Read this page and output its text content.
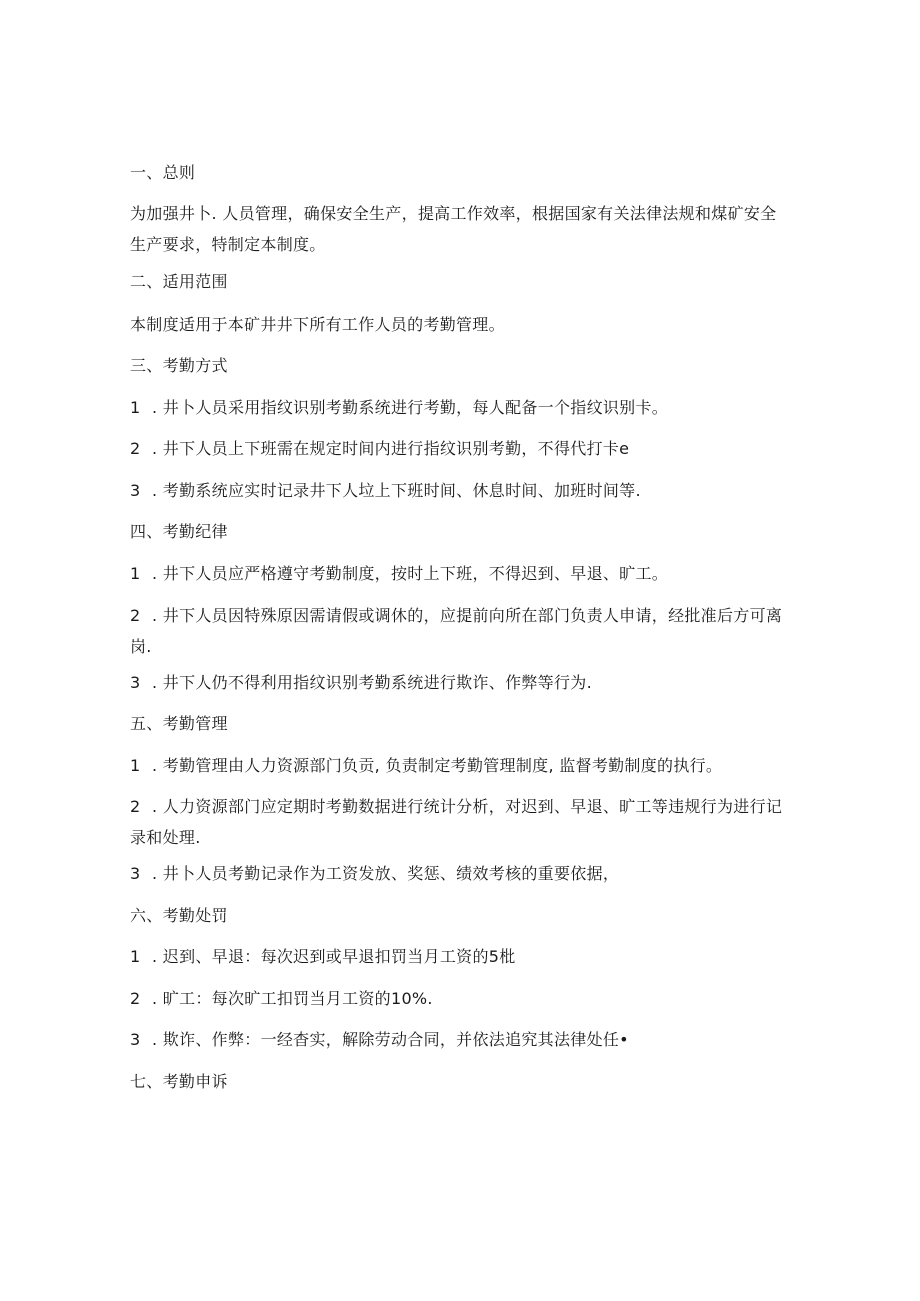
一、总则
为加强井卜. 人员管理，确保安全生产，提高工作效率，根据国家有关法律法规和煤矿安全生产要求，特制定本制度。
二、适用范围
本制度适用于本矿井井下所有工作人员的考勤管理。
三、考勤方式
1 . 井卜人员采用指纹识别考勤系统进行考勤，每人配备一个指纹识别卡。
2 . 井下人员上下班需在规定时间内进行指纹识别考勤，不得代打卡e
3 . 考勤系统应实时记录井下人垃上下班时间、休息时间、加班时间等.
四、考勤纪律
1 . 井下人员应严格遵守考勤制度，按时上下班，不得迟到、早退、旷工。
2 . 井下人员因特殊原因需请假或调休的，应提前向所在部门负责人申请，经批准后方可离岗.
3 . 井下人仍不得利用指纹识别考勤系统进行欺诈、作弊等行为.
五、考勤管理
1 . 考勤管理由人力资源部门负贡, 负责制定考勤管理制度, 监督考勤制度的执行。
2 . 人力资源部门应定期时考勤数据进行统计分析，对迟到、早退、旷工等违规行为进行记录和处理.
3 . 井卜人员考勤记录作为工资发放、奖惩、绩效考核的重要依据，
六、考勤处罚
1 . 迟到、早退：每次迟到或早退扣罚当月工资的5枇
2 . 旷工：每次旷工扣罚当月工资的10%.
3 . 欺诈、作弊：一经杳实，解除劳动合同，并依法追究其法律处任•
七、考勤申诉
